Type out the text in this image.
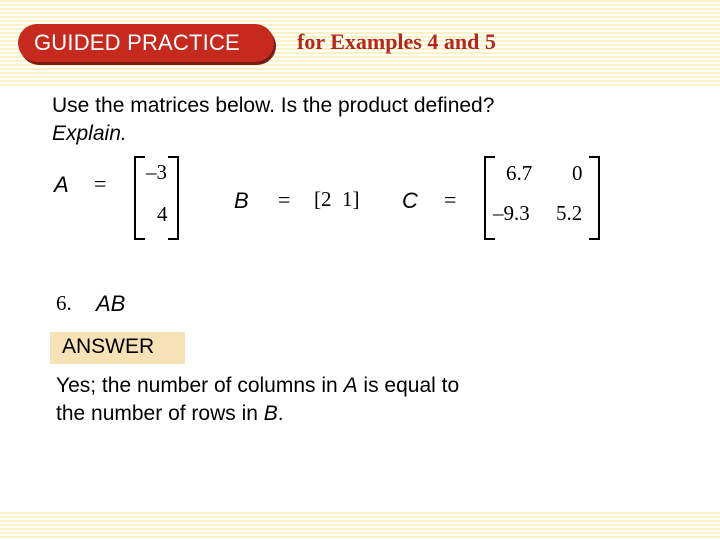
GUIDED PRACTICE	for Examples 4 and 5
Use the matrices below. Is the product defined?
Explain.
A = –3
4
B = [2  1] C =
6.7 0
–9.3 5.2
6. AB
ANSWER
Yes; the number of columns in A is equal to
the number of rows in B.
